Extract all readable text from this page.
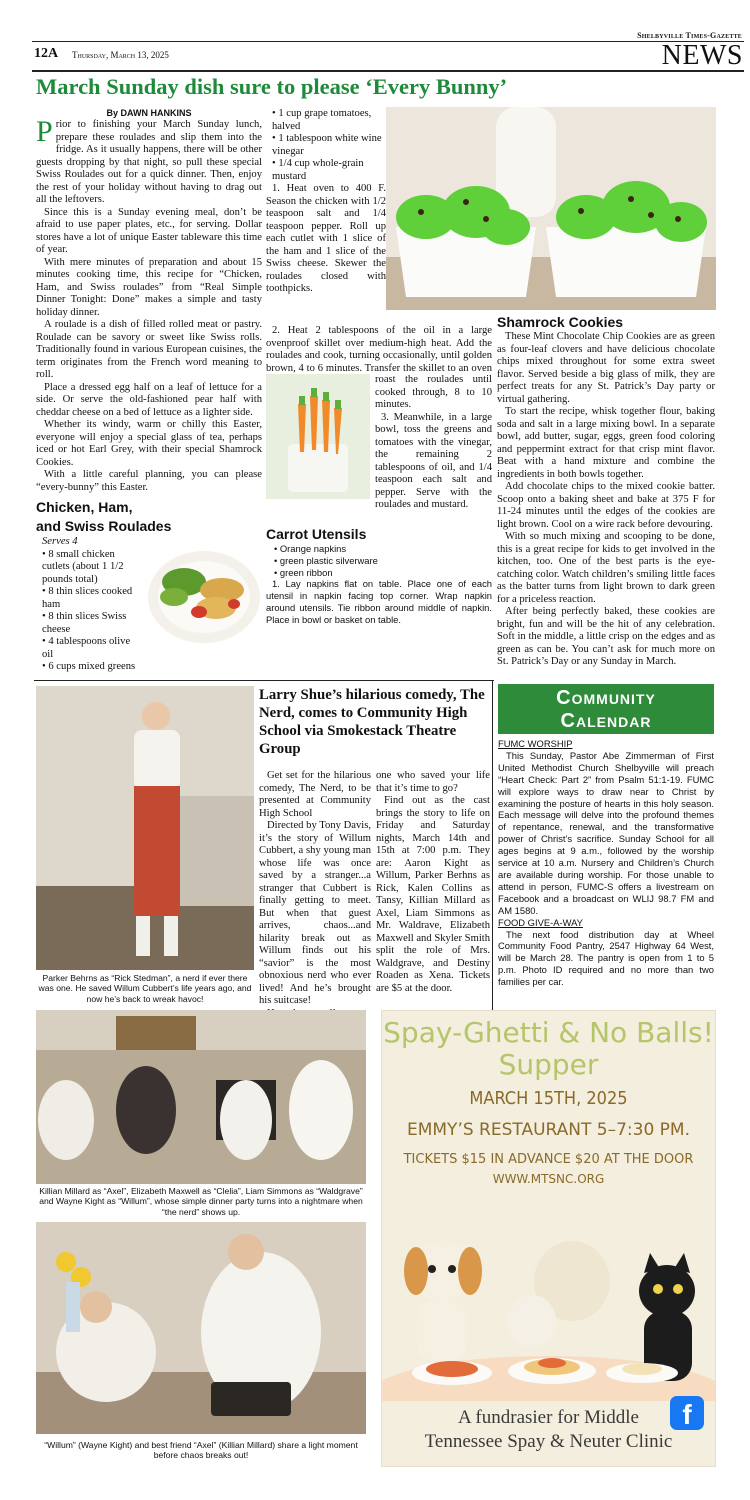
Shelbyville Times-Gazette
12A Thursday, March 13, 2025	NEWS
March Sunday dish sure to please ‘Every Bunny’
By DAWN HANKINS
P rior to finishing your March Sunday lunch, prepare these roulades and slip them into the fridge. As it usually happens, there will be other guests dropping by that night, so pull these special Swiss Roulades out for a quick dinner. Then, enjoy the rest of your holiday without having to drag out all the leftovers.

Since this is a Sunday evening meal, don’t be afraid to use paper plates, etc., for serving. Dollar stores have a lot of unique Easter tableware this time of year.

With mere minutes of preparation and about 15 minutes cooking time, this recipe for “Chicken, Ham, and Swiss roulades” from “Real Simple Dinner Tonight: Done” makes a simple and tasty holiday dinner.

A roulade is a dish of filled rolled meat or pastry. Roulade can be savory or sweet like Swiss rolls. Traditionally found in various European cuisines, the term originates from the French word meaning to roll.

Place a dressed egg half on a leaf of lettuce for a side. Or serve the old-fashioned pear half with cheddar cheese on a bed of lettuce as a lighter side.

Whether its windy, warm or chilly this Easter, everyone will enjoy a special glass of tea, perhaps iced or hot Earl Grey, with their special Shamrock Cookies.

With a little careful planning, you can please “every-bunny” this Easter.

Chicken, Ham,
and Swiss Roulades
Serves 4
• 8 small chicken cutlets (about 1 1/2 pounds total)
• 8 thin slices cooked ham
• 8 thin slices Swiss cheese
• 4 tablespoons olive oil
• 6 cups mixed greens
• 1 cup grape tomatoes, halved
• 1 tablespoon white wine vinegar
• 1/4 cup whole-grain mustard

1. Heat oven to 400 F. Season the chicken with 1/2 teaspoon salt and 1/4 teaspoon pepper. Roll up each cutlet with 1 slice of the ham and 1 slice of the Swiss cheese. Skewer the roulades closed with toothpicks.

2. Heat 2 tablespoons of the oil in a large ovenproof skillet over medium-high heat. Add the roulades and cook, turning occasionally, until golden brown, 4 to 6 minutes. Transfer the skillet to an oven

roast the roulades until cooked through, 8 to 10 minutes.

3. Meanwhile, in a large bowl, toss the greens and tomatoes with the vinegar, the remaining 2 tablespoons of oil, and 1/4 teaspoon each salt and pepper. Serve with the roulades and mustard.

Carrot Utensils
• Orange napkins
• green plastic silverware
• green ribbon

1. Lay napkins flat on table. Place one of each utensil in napkin facing top corner. Wrap napkin around utensils. Tie ribbon around middle of napkin. Place in bowl or basket on table.

Shamrock Cookies

These Mint Chocolate Chip Cookies are as green as four-leaf clovers and have delicious chocolate chips mixed throughout for some extra sweet flavor. Served beside a big glass of milk, they are perfect treats for any St. Patrick’s Day party or virtual gathering.

To start the recipe, whisk together flour, baking soda and salt in a large mixing bowl. In a separate bowl, add butter, sugar, eggs, green food coloring and peppermint extract for that crisp mint flavor. Beat with a hand mixture and combine the ingredients in both bowls together.

Add chocolate chips to the mixed cookie batter. Scoop onto a baking sheet and bake at 375 F for 11-24 minutes until the edges of the cookies are light brown. Cool on a wire rack before devouring.

With so much mixing and scooping to be done, this is a great recipe for kids to get involved in the kitchen, too. One of the best parts is the eye-catching color. Watch children’s smiling little faces as the batter turns from light brown to dark green for a priceless reaction.

After being perfectly baked, these cookies are bright, fun and will be the hit of any celebration. Soft in the middle, a little crisp on the edges and as green as can be. You can’t ask for much more on St. Patrick’s Day or any Sunday in March.

Parker Behrns as “Rick Stedman”, a nerd if ever there was one. He saved Willum Cubbert’s life years ago, and now he’s back to wreak havoc!
Larry Shue’s hilarious comedy, The Nerd, comes to Community High School via Smokestack Theatre Group

Get set for the hilarious comedy, The Nerd, to be presented at Community High School

Directed by Tony Davis, it’s the story of Willum Cubbert, a shy young man whose life was once saved by a stranger...a stranger that Cubbert is finally getting to meet. But when that guest arrives, chaos...and hilarity break out as Willum finds out his “savior” is the most obnoxious nerd who ever lived! And he’s brought his suitcase!

one who saved your life that it’s time to go?

Find out as the cast brings the story to life on Friday and Saturday nights, March 14th and 15th at 7:00 p.m. They are: Aaron Kight as Willum, Parker Berhns as Rick, Kalen Collins as Tansy, Killian Millard as Axel, Liam Simmons as Mr. Waldrave, Elizabeth Maxwell and Skyler Smith split the role of Mrs. Waldgrave, and Destiny Roaden as Xena. Tickets are $5 at the door.

Community
Calendar
FUMC WORSHIP
This Sunday, Pastor Abe Zimmerman of First United Methodist Church Shelbyville will preach “Heart Check: Part 2” from Psalm 51:1-19. FUMC will explore ways to draw near to Christ by examining the posture of hearts in this holy season. Each message will delve into the profound themes of repentance, renewal, and the transformative power of Christ’s sacrifice. Sunday School for all ages begins at 9 a.m., followed by the worship service at 10 a.m. Nursery and Children’s Church are available during worship. For those unable to attend in person, FUMC-S offers a livestream on Facebook and a broadcast on WLIJ 98.7 FM and AM 1580.
FOOD GIVE-A-WAY
The next food distribution day at Wheel Community Food Pantry, 2547 Highway 64 West, will be March 28. The pantry is open from 1 to 5 p.m. Photo ID required and no more than two families per car.
Killian Millard as “Axel”, Elizabeth Maxwell as “Clelia”, Liam Simmons as “Waldgrave” and Wayne Kight as “Willum”, whose simple dinner party turns into a nightmare when “the nerd” shows up.
“Willum” (Wayne Kight) and best friend “Axel” (Killian Millard) share a light moment before chaos breaks out!
Spay-Ghetti & No Balls!
Supper
MARCH 15TH, 2025
EMMY’S RESTAURANT 5–7:30 PM.
TICKETS $15 IN ADVANCE $20 AT THE DOOR
WWW.MTSNC.ORG
A fundrasier for Middle
Tennessee Spay & Neuter Clinic
f
